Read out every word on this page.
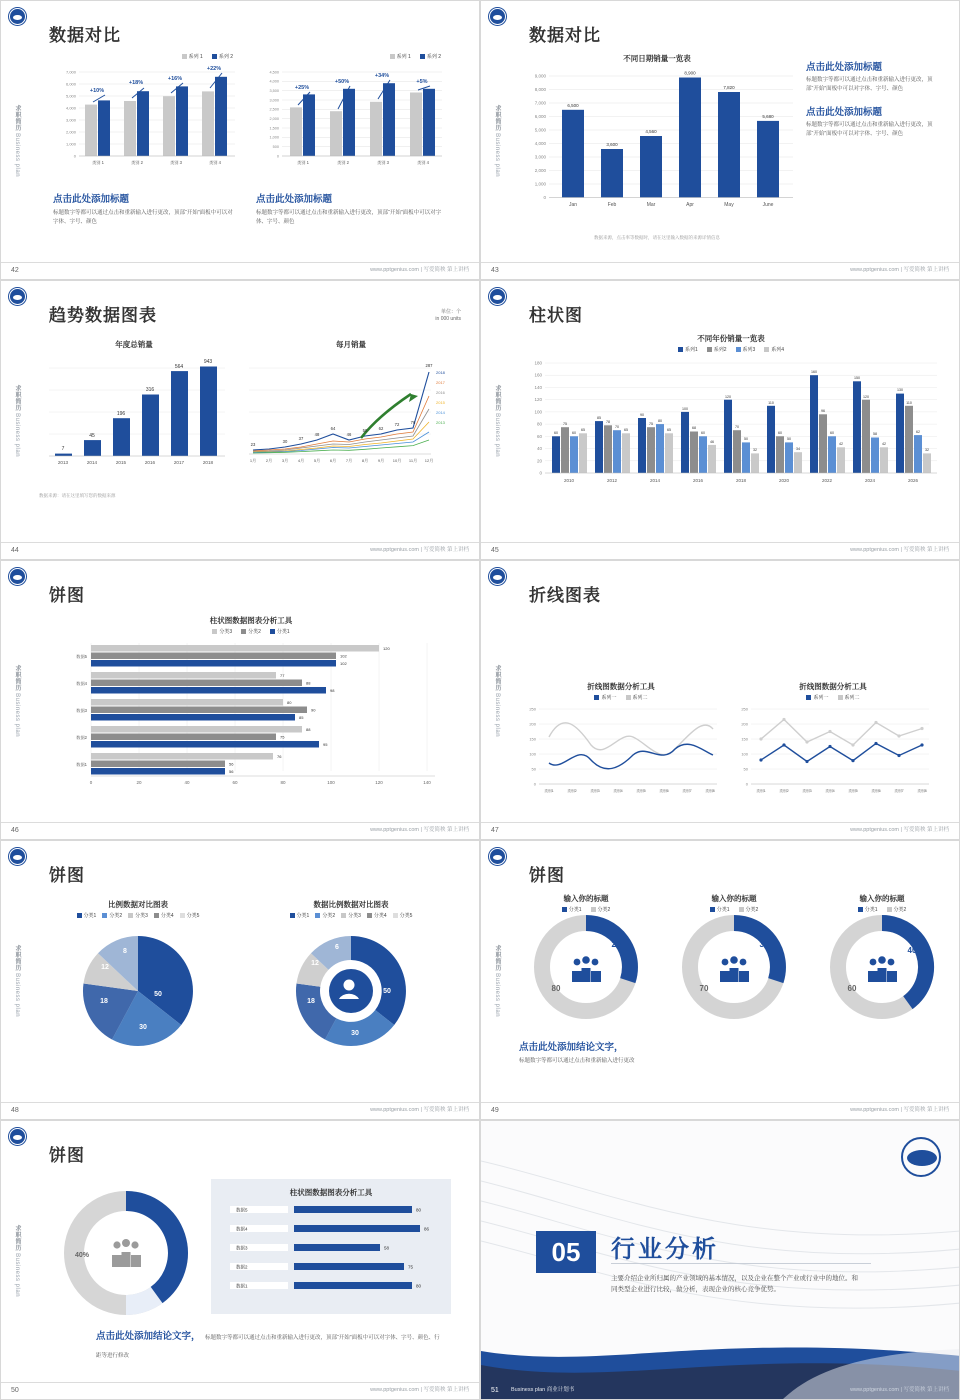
求职简历 Business plan
数据对比
系列 1	系列 2
7,000
6,000
5,000
4,000
3,000
2,000
1,000
0
+10%
+18%
+16%
+22%
类别 1	类别 2	类别 3	类别 4
系列 1	系列 2
4,500
4,000
3,500
3,000
2,500
2,000
1,500
1,000
500
0
+25%
+50%
+34%
+5%
类别 1	类别 2	类别 3	类别 4
点击此处添加标题
标题数字等都可以通过点击和重新输入进行更改，顶部“开始”面板中可以对字体、字号、颜色
点击此处添加标题
标题数字等都可以通过点击和重新输入进行更改，顶部“开始”面板中可以对字体、字号、颜色
42	www.pptgenius.com | 写爱简秧 第上讲档
求职简历 Business plan
数据对比
不同日期销量一览表
9,000
8,000
7,000
6,000
5,000
4,000
3,000
2,000
1,000
0
6,500
3,600
4,560
8,900
7,820
5,680
Jan	Feb	Mar	Apr	May	June
数据来源，点击率等数据时，请在这里输入数据的来源详情信息
点击此处添加标题
标题数字等都可以通过点击和重新输入进行更改，顶部“开始”面板中可以对字体、字号、颜色
点击此处添加标题
标题数字等都可以通过点击和重新输入进行更改，顶部“开始”面板中可以对字体、字号、颜色
43	www.pptgenius.com | 写爱简秧 第上讲档
求职简历 Business plan
趋势数据图表	单位：个
in 000 units
年度总销量
7
45
196
316
564
943
2013	2014	2015	2016	2017	2018
数据来源：请在这里填写您的数据来源
每月销量
23
30
37
48
64
46
58	62
72	76
287
1月 2月 3月 4月 5月 6月 7月 8月 9月 10月 11月 12月
2018
2017
2016
2015
2014
2013
44	www.pptgenius.com | 写爱简秧 第上讲档
求职简历 Business plan
柱状图
不同年份销量一览表
系列1	系列2	系列3	系列4
180
160
140
120
100
80
60
40
20
0
60
75
60
65
85
78
70
65
90
75
80
65
100
68
60
46
120
70
50
32
110
60
50
34
160
96
60
42
150
120
58
42
130
110
62
32
2010	2012	2014	2016	2018	2020	2022	2024	2026
45	www.pptgenius.com | 写爱简秧 第上讲档
求职简历 Business plan
饼图
柱状图数据图表分析工具
分类3	分类2	分类1
120
102
102
77
88
98
80
90
85
88
75
95
76
56
56
数据5
数据4
数据3
数据2
数据1
0	20	40	60	80	100	120	140
46	www.pptgenius.com | 写爱简秧 第上讲档
求职简历 Business plan
折线图表
折线图数据分析工具
系列一	系列二
250
200
150
100
50
0
类别1	类别2	类别3	类别4	类别5	类别6	类别7	类别8
折线图数据分析工具
系列一	系列二
250
200
150
100
50
0
类别1	类别2	类别3	类别4	类别5	类别6	类别7	类别8
47	www.pptgenius.com | 写爱简秧 第上讲档
求职简历 Business plan
饼图
比例数据对比图表
分类1	分类2	分类3	分类4	分类5
50
30
18
12
8
数据比例数据对比图表
分类1	分类2	分类3	分类4	分类5
50
30
18
12
6
48	www.pptgenius.com | 写爱简秧 第上讲档
求职简历 Business plan
饼图
输入你的标题
分类1	分类2
20
80
输入你的标题
分类1	分类2
30
70
输入你的标题
分类1	分类2
40
60
点击此处添加结论文字，
标题数字等都可以通过点击和重新输入进行更改
49	www.pptgenius.com | 写爱简秧 第上讲档
求职简历 Business plan
饼图
40%	20%
柱状图数据图表分析工具
数据5	80
数据4	86
数据3	58
数据2	75
数据1	80
点击此处添加结论文字， 标题数字等都可以通过点击和重新输入进行更改，顶部“开始”面板中可以对字体、字号、颜色、行距等进行修改
50	www.pptgenius.com | 写爱简秧 第上讲档
05	行业分析
主要介绍企业所归属的产业领域的基本情况，以及企业在整个产业或行业中的地位。和同类型企业进行比较，做分析，表现企业的核心竞争优势。
51 Business plan 商业计划书	www.pptgenius.com | 写爱简秧 第上讲档
